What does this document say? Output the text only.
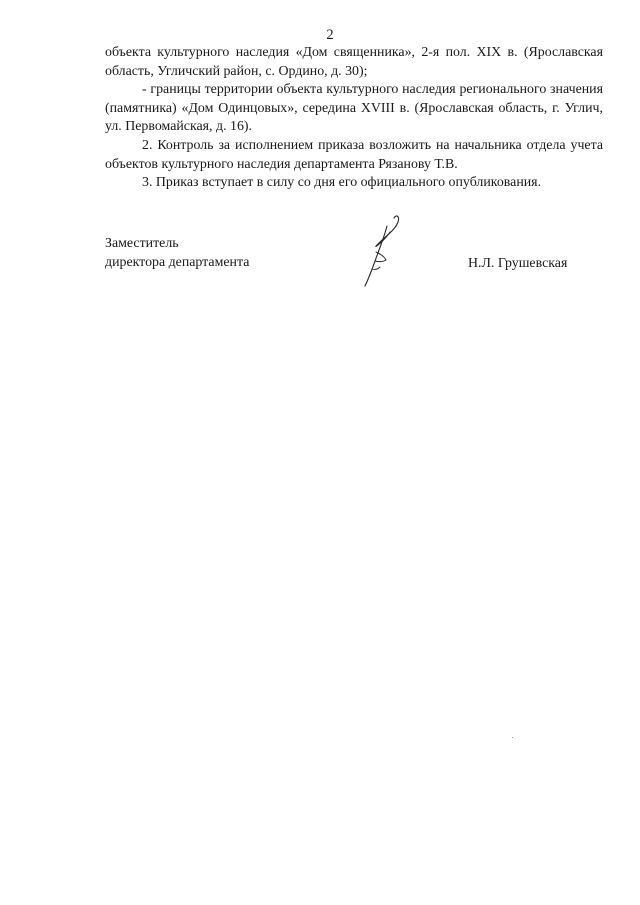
2

объекта культурного наследия «Дом священника», 2-я пол. XIX в. (Ярославская область, Угличский район, с. Ордино, д. 30);

- границы территории объекта культурного наследия регионального значения (памятника) «Дом Одинцовых», середина XVIII в. (Ярославская область, г. Углич, ул. Первомайская, д. 16).

2. Контроль за исполнением приказа возложить на начальника отдела учета объектов культурного наследия департамента Рязанову Т.В.

3. Приказ вступает в силу со дня его официального опубликования.

Заместитель
директора департамента	Н.Л. Грушевская
